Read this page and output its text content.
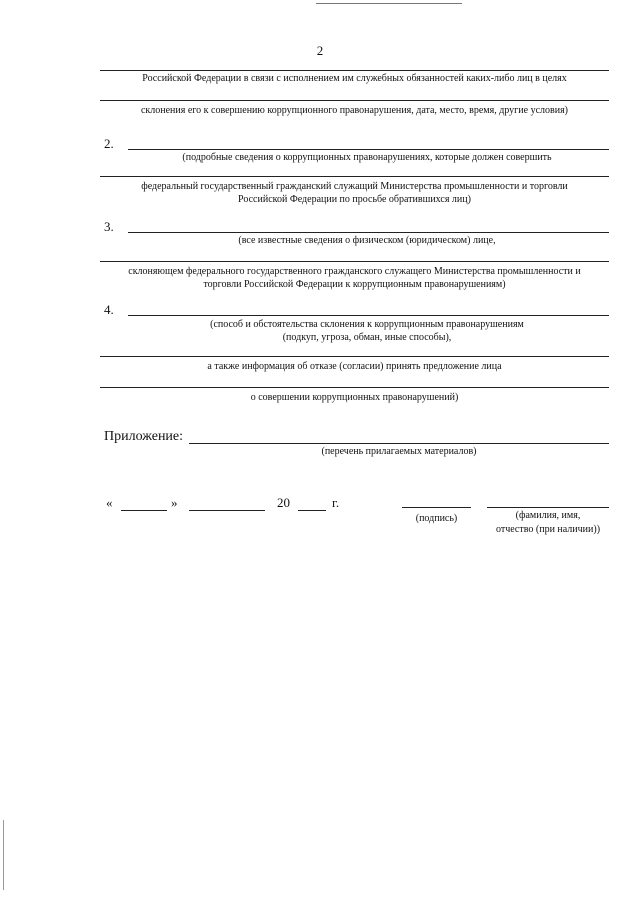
2
Российской Федерации в связи с исполнением им служебных обязанностей каких-либо лиц в целях
склонения его к совершению коррупционного правонарушения, дата, место, время, другие условия)
2.
(подробные сведения о коррупционных правонарушениях, которые должен совершить
федеральный государственный гражданский служащий Министерства промышленности и торговли
Российской Федерации по просьбе обратившихся лиц)
3.
(все известные сведения о физическом (юридическом) лице,
склоняющем федерального государственного гражданского служащего Министерства промышленности и
торговли Российской Федерации к коррупционным правонарушениям)
4.
(способ и обстоятельства склонения к коррупционным правонарушениям
(подкуп, угроза, обман, иные способы),
а также информация об отказе (согласии) принять предложение лица
о совершении коррупционных правонарушений)
Приложение:
(перечень прилагаемых материалов)
«	»	20	г.
(подпись)	(фамилия, имя,
отчество (при наличии))
